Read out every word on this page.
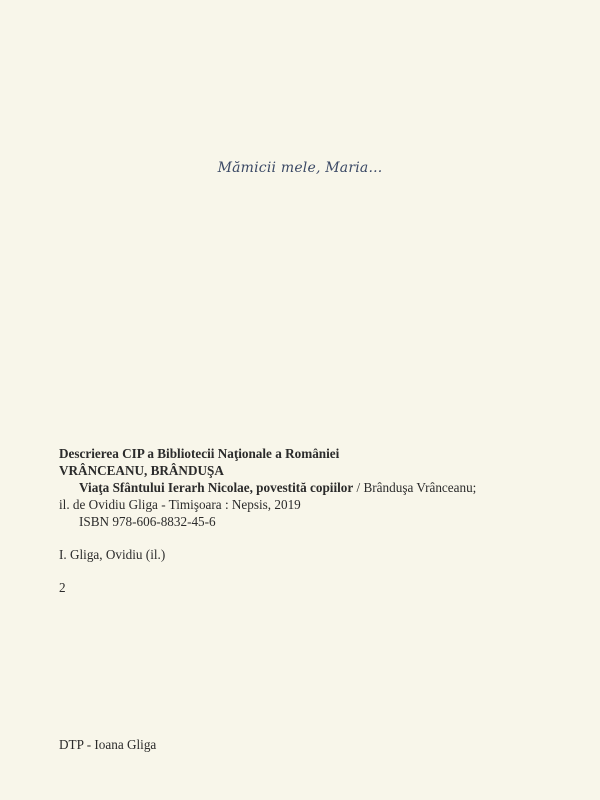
Mămicii mele, Maria...
Descrierea CIP a Bibliotecii Naţionale a României
VRÂNCEANU, BRÂNDUŞA
Viaţa Sfântului Ierarh Nicolae, povestită copiilor / Brânduşa Vrânceanu;
il. de Ovidiu Gliga - Timişoara : Nepsis, 2019
ISBN 978-606-8832-45-6
I. Gliga, Ovidiu (il.)
2
DTP - Ioana Gliga
